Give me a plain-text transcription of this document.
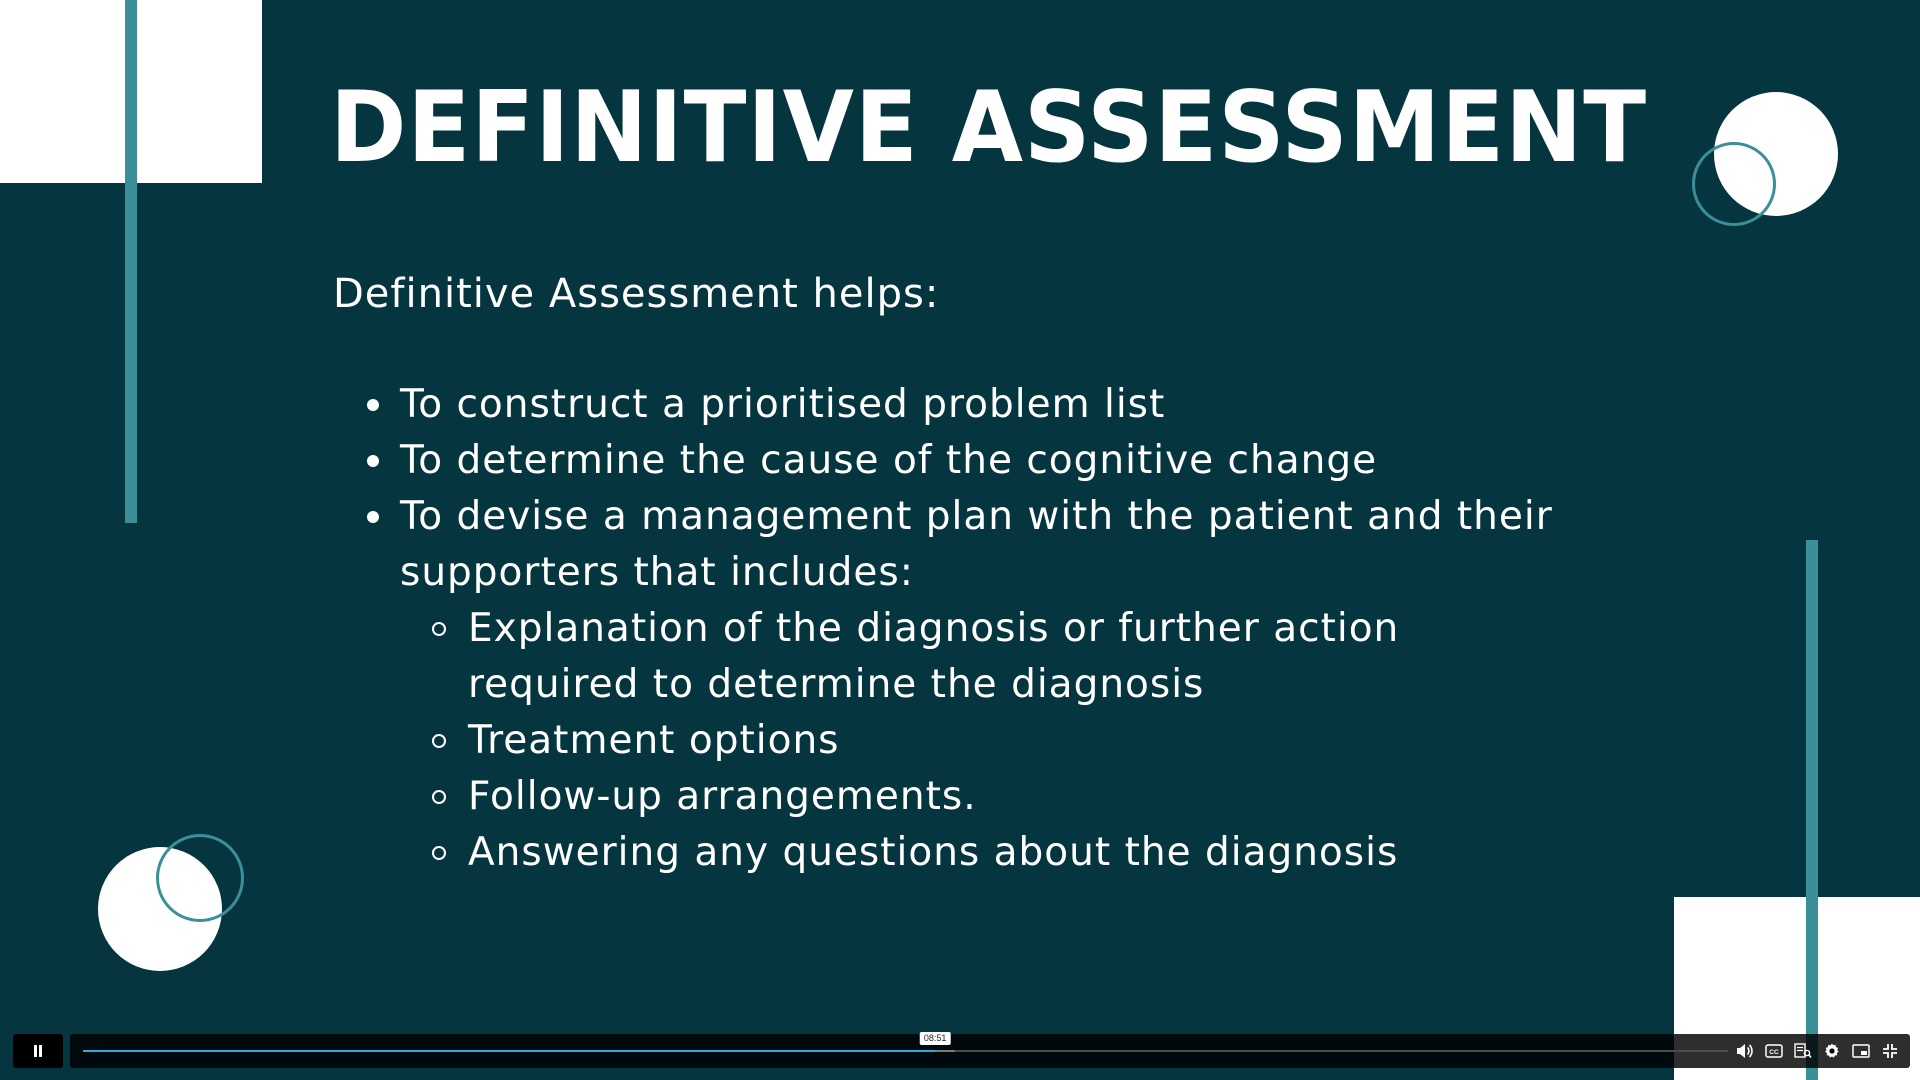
DEFINITIVE ASSESSMENT

Definitive Assessment helps:

To construct a prioritised problem list
To determine the cause of the cognitive change
To devise a management plan with the patient and their
supporters that includes:
Explanation of the diagnosis or further action
required to determine the diagnosis
Treatment options
Follow-up arrangements.
Answering any questions about the diagnosis
08:51
CC
